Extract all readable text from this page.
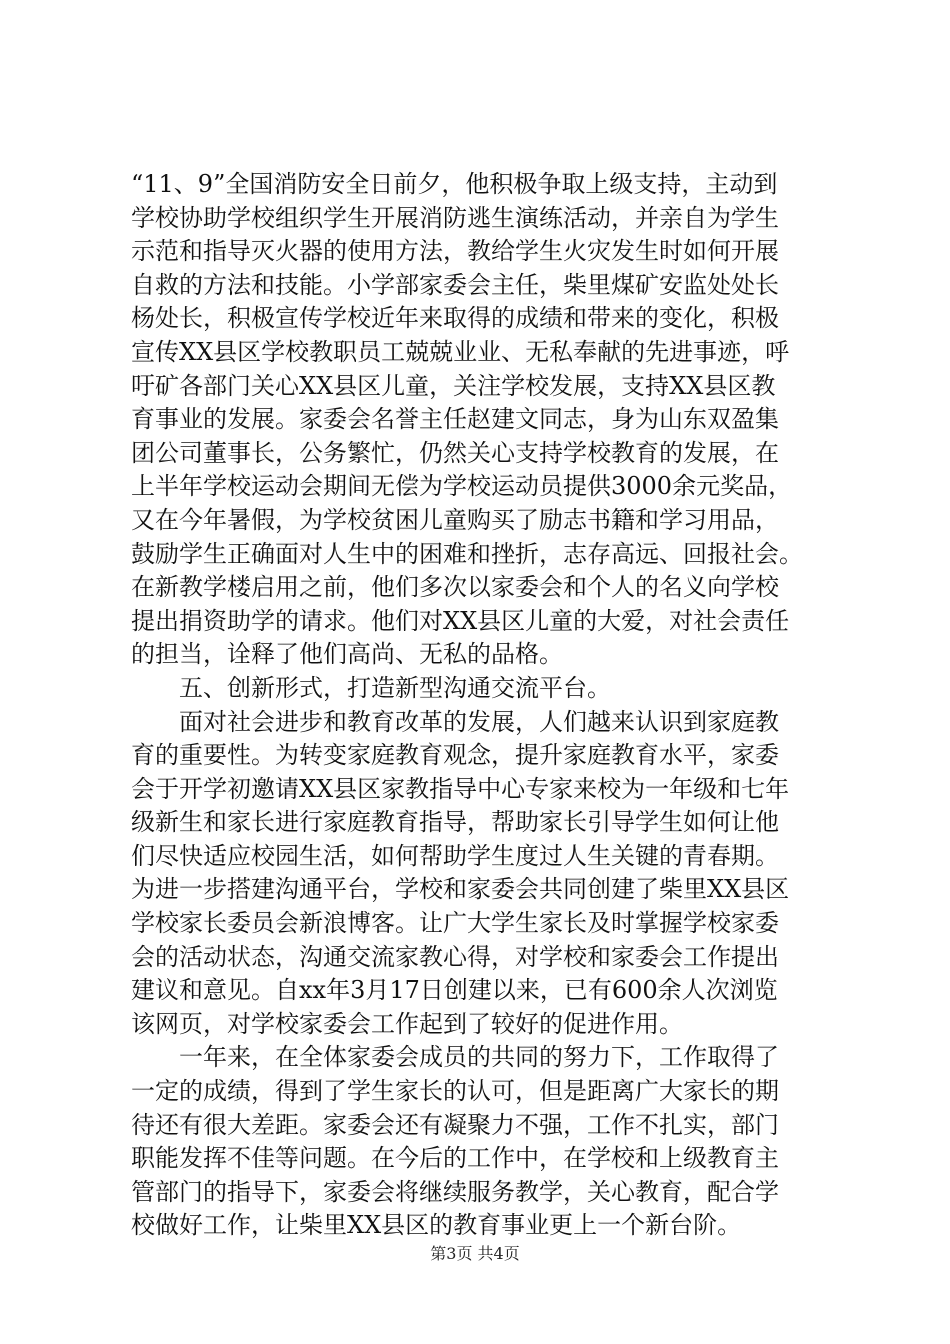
“11、9”全国消防安全日前夕，他积极争取上级支持，主动到
学校协助学校组织学生开展消防逃生演练活动，并亲自为学生
示范和指导灭火器的使用方法，教给学生火灾发生时如何开展
自救的方法和技能。小学部家委会主任，柴里煤矿安监处处长
杨处长，积极宣传学校近年来取得的成绩和带来的变化，积极
宣传XX县区学校教职员工兢兢业业、无私奉献的先进事迹，呼
吁矿各部门关心XX县区儿童，关注学校发展，支持XX县区教
育事业的发展。家委会名誉主任赵建文同志，身为山东双盈集
团公司董事长，公务繁忙，仍然关心支持学校教育的发展，在
上半年学校运动会期间无偿为学校运动员提供3000余元奖品，
又在今年暑假，为学校贫困儿童购买了励志书籍和学习用品，
鼓励学生正确面对人生中的困难和挫折，志存高远、回报社会。
在新教学楼启用之前，他们多次以家委会和个人的名义向学校
提出捐资助学的请求。他们对XX县区儿童的大爱，对社会责任
的担当，诠释了他们高尚、无私的品格。
五、创新形式，打造新型沟通交流平台。
面对社会进步和教育改革的发展，人们越来认识到家庭教
育的重要性。为转变家庭教育观念，提升家庭教育水平，家委
会于开学初邀请XX县区家教指导中心专家来校为一年级和七年
级新生和家长进行家庭教育指导，帮助家长引导学生如何让他
们尽快适应校园生活，如何帮助学生度过人生关键的青春期。
为进一步搭建沟通平台，学校和家委会共同创建了柴里XX县区
学校家长委员会新浪博客。让广大学生家长及时掌握学校家委
会的活动状态，沟通交流家教心得，对学校和家委会工作提出
建议和意见。自xx年3月17日创建以来，已有600余人次浏览
该网页，对学校家委会工作起到了较好的促进作用。
一年来，在全体家委会成员的共同的努力下，工作取得了
一定的成绩，得到了学生家长的认可，但是距离广大家长的期
待还有很大差距。家委会还有凝聚力不强，工作不扎实，部门
职能发挥不佳等问题。在今后的工作中，在学校和上级教育主
管部门的指导下，家委会将继续服务教学，关心教育，配合学
校做好工作，让柴里XX县区的教育事业更上一个新台阶。
第3页 共4页
